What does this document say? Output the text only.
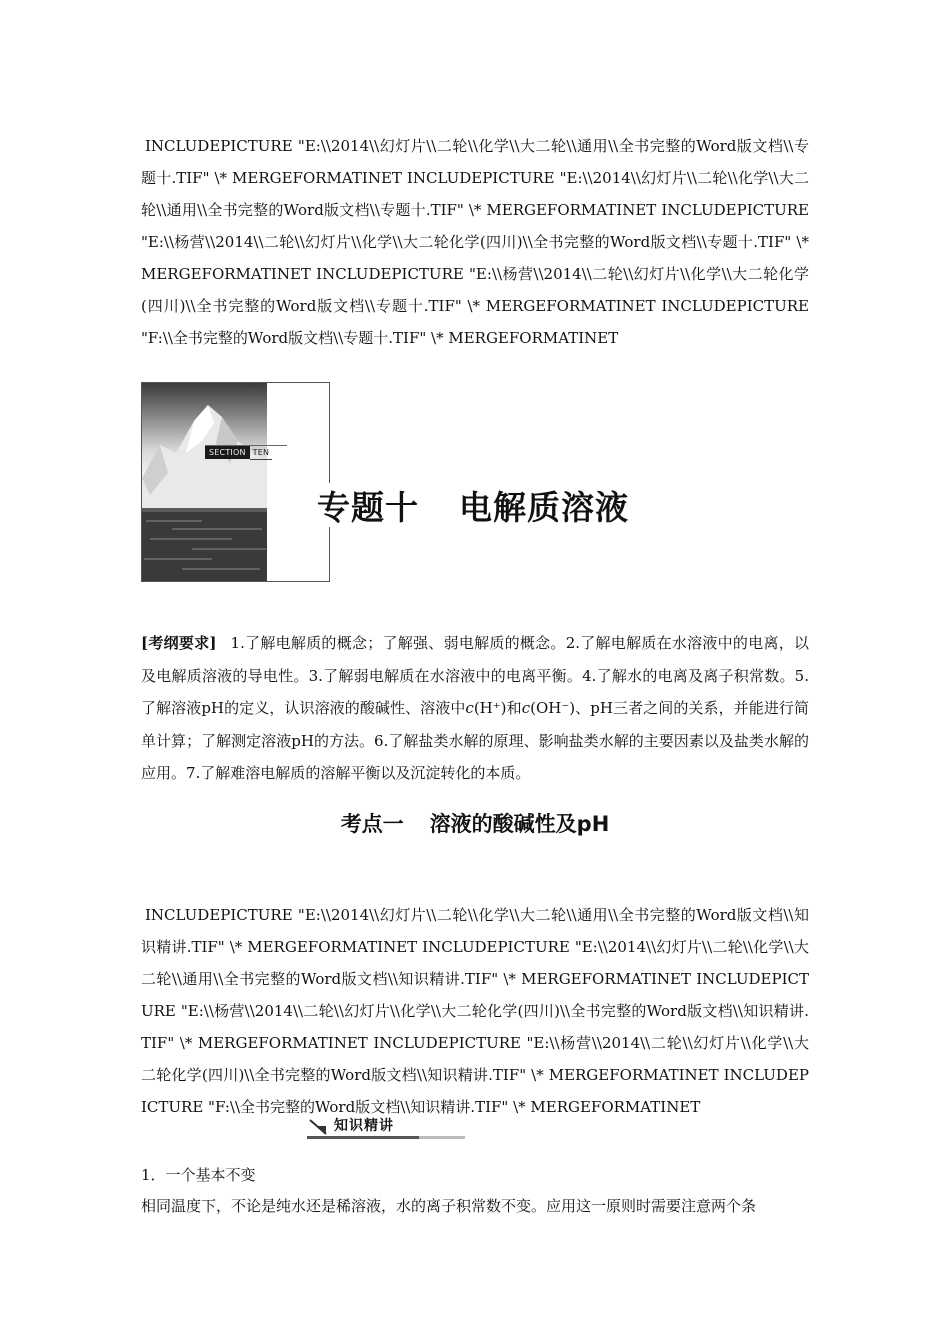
INCLUDEPICTURE "E:\\2014\\幻灯片\\二轮\\化学\\大二轮\\通用\\全书完整的Word版文档\\专题十.TIF" \* MERGEFORMATINET INCLUDEPICTURE "E:\\2014\\幻灯片\\二轮\\化学\\大二轮\\通用\\全书完整的Word版文档\\专题十.TIF" \* MERGEFORMATINET INCLUDEPICTURE "E:\\杨营\\2014\\二轮\\幻灯片\\化学\\大二轮化学(四川)\\全书完整的Word版文档\\专题十.TIF" \* MERGEFORMATINET INCLUDEPICTURE "E:\\杨营\\2014\\二轮\\幻灯片\\化学\\大二轮化学(四川)\\全书完整的Word版文档\\专题十.TIF" \* MERGEFORMATINET INCLUDEPICTURE "F:\\全书完整的Word版文档\\专题十.TIF" \* MERGEFORMATINET

SECTION TEN
专题十 电解质溶液

[考纲要求] 1.了解电解质的概念；了解强、弱电解质的概念。2.了解电解质在水溶液中的电离，以及电解质溶液的导电性。3.了解弱电解质在水溶液中的电离平衡。4.了解水的电离及离子积常数。5.了解溶液pH的定义，认识溶液的酸碱性、溶液中c(H⁺)和c(OH⁻)、pH三者之间的关系，并能进行简单计算；了解测定溶液pH的方法。6.了解盐类水解的原理、影响盐类水解的主要因素以及盐类水解的应用。7.了解难溶电解质的溶解平衡以及沉淀转化的本质。

考点一 溶液的酸碱性及pH

INCLUDEPICTURE "E:\\2014\\幻灯片\\二轮\\化学\\大二轮\\通用\\全书完整的Word版文档\\知识精讲.TIF" \* MERGEFORMATINET INCLUDEPICTURE "E:\\2014\\幻灯片\\二轮\\化学\\大二轮\\通用\\全书完整的Word版文档\\知识精讲.TIF" \* MERGEFORMATINET INCLUDEPICTURE "E:\\杨营\\2014\\二轮\\幻灯片\\化学\\大二轮化学(四川)\\全书完整的Word版文档\\知识精讲.TIF" \* MERGEFORMATINET INCLUDEPICTURE "E:\\杨营\\2014\\二轮\\幻灯片\\化学\\大二轮化学(四川)\\全书完整的Word版文档\\知识精讲.TIF" \* MERGEFORMATINET INCLUDEPICTURE "F:\\全书完整的Word版文档\\知识精讲.TIF" \* MERGEFORMATINET

知识精讲
1．一个基本不变
相同温度下，不论是纯水还是稀溶液，水的离子积常数不变。应用这一原则时需要注意两个条
